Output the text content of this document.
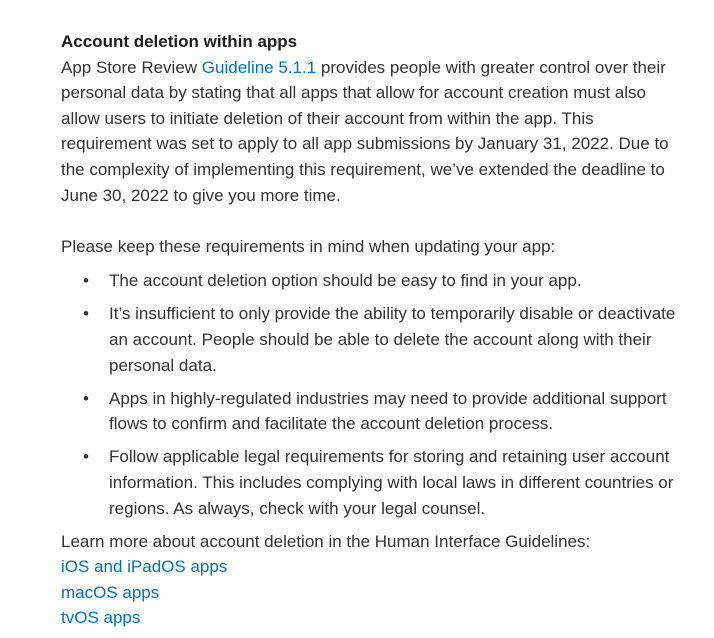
Account deletion within apps

App Store Review Guideline 5.1.1 provides people with greater control over their personal data by stating that all apps that allow for account creation must also allow users to initiate deletion of their account from within the app. This requirement was set to apply to all app submissions by January 31, 2022. Due to the complexity of implementing this requirement, we’ve extended the deadline to June 30, 2022 to give you more time.

Please keep these requirements in mind when updating your app:

• The account deletion option should be easy to find in your app.
• It’s insufficient to only provide the ability to temporarily disable or deactivate an account. People should be able to delete the account along with their personal data.
• Apps in highly-regulated industries may need to provide additional support flows to confirm and facilitate the account deletion process.
• Follow applicable legal requirements for storing and retaining user account information. This includes complying with local laws in different countries or regions. As always, check with your legal counsel.

Learn more about account deletion in the Human Interface Guidelines:

iOS and iPadOS apps
macOS apps
tvOS apps
